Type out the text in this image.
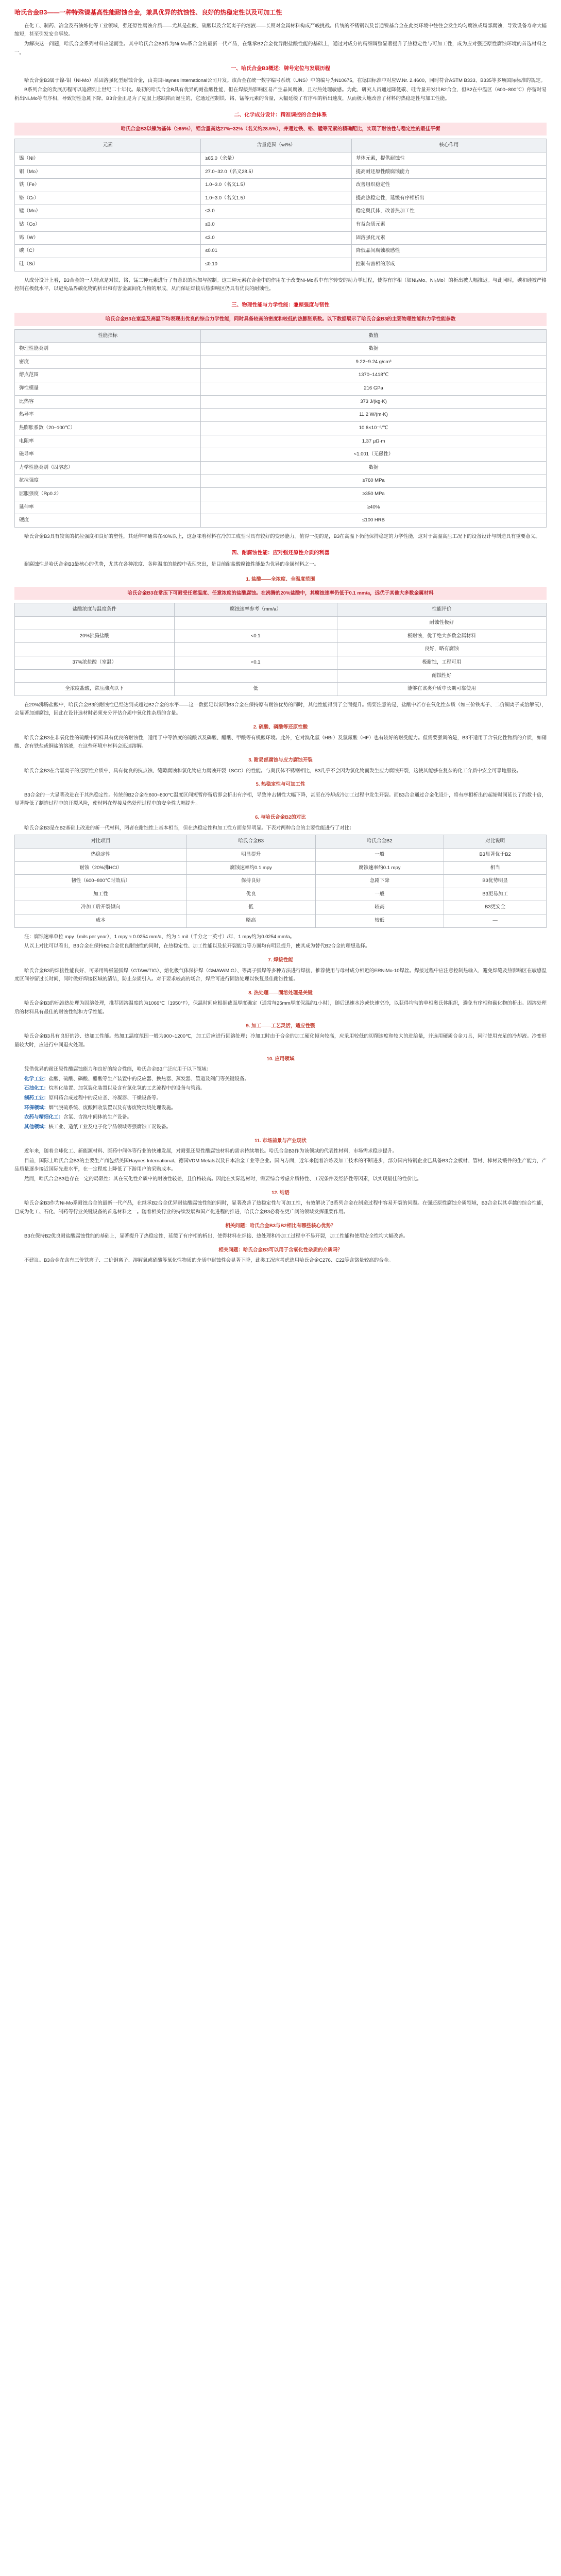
哈氏合金B3——一种特殊镍基高性能耐蚀合金，兼具优异的抗蚀性、良好的热稳定性以及可加工性

在化工、制药、冶金及石油炼化等工业领域，强还原性腐蚀介质——尤其是盐酸、硫酸以及含氯离子的溶液——长期对金属材料构成严峻挑战。传统的不锈钢以及普通镍基合金在此类环境中往往会发生均匀腐蚀或局部腐蚀，导致设备寿命大幅缩短，甚至引发安全事故。

为解决这一问题，哈氏合金系列材料应运而生。其中哈氏合金B3作为Ni-Mo系合金的最新一代产品，在继承B2合金优异耐盐酸性能的基础上，通过对成分的精细调整显著提升了热稳定性与可加工性，成为应对强还原性腐蚀环境的首选材料之一。

一、哈氏合金B3概述：牌号定位与发展历程

哈氏合金B3属于镍-钼（Ni-Mo）系固溶强化型耐蚀合金，由美国Haynes International公司开发。该合金在统一数字编号系统（UNS）中的编号为N10675，在德国标准中对应W.Nr. 2.4600，同时符合ASTM B333、B335等多项国际标准的规定。

B系列合金的发展历程可以追溯到上世纪二十年代。最初的哈氏合金B具有优异的耐盐酸性能，但在焊接热影响区易产生晶间腐蚀，且对热处理敏感。为此，研究人员通过降低碳、硅含量开发出B2合金，但B2在中温区（600~800℃）停留时易析出Ni₄Mo等有序相，导致韧性急剧下降。B3合金正是为了克服上述缺陷而诞生的，它通过控制铁、铬、锰等元素的含量，大幅延缓了有序相的析出速度，从而极大地改善了材料的热稳定性与加工性能。

二、化学成分设计：精准调控的合金体系
哈氏合金B3以镍为基体（≥65%），钼含量高达27%~32%（名义约28.5%），并通过铁、铬、锰等元素的精确配比，实现了耐蚀性与稳定性的最佳平衡
元素	含量范围（wt%）	核心作用
镍（Ni）	≥65.0（余量）	基体元素，提供耐蚀性
钼（Mo）	27.0~32.0（名义28.5）	提高耐还原性酸腐蚀能力
铁（Fe）	1.0~3.0（名义1.5）	改善组织稳定性
铬（Cr）	1.0~3.0（名义1.5）	提高热稳定性，延缓有序相析出
锰（Mn）	≤3.0	稳定奥氏体，改善热加工性
钴（Co）	≤3.0	有益杂质元素
钨（W）	≤3.0	固溶强化元素
碳（C）	≤0.01	降低晶间腐蚀敏感性
硅（Si）	≤0.10	控制有害相的形成

从成分设计上看，B3合金的一大特点是对铁、铬、锰三种元素进行了有意识的添加与控制。这三种元素在合金中的作用在于改变Ni-Mo系中有序转变的动力学过程，使得有序相（如Ni₄Mo、Ni₃Mo）的析出被大幅推迟。与此同时，碳和硅被严格控制在极低水平，以避免晶界碳化物的析出和有害金属间化合物的形成，从而保证焊接后热影响区仍具有优良的耐蚀性。

三、物理性能与力学性能：兼顾强度与韧性
哈氏合金B3在室温及高温下均表现出优良的综合力学性能，同时具备较高的密度和较低的热膨胀系数。以下数据展示了哈氏合金B3的主要物理性能和力学性能参数
性能指标	数值
物理性能类别	数据
密度	9.22~9.24 g/cm³
熔点范围	1370~1418℃
弹性模量	216 GPa
比热容	373 J/(kg·K)
热导率	11.2 W/(m·K)
热膨胀系数（20~100℃）	10.6×10⁻⁶/℃
电阻率	1.37 μΩ·m
磁导率	<1.001（无磁性）
力学性能类别（固溶态）	数据
抗拉强度	≥760 MPa
屈服强度（Rp0.2）	≥350 MPa
延伸率	≥40%
硬度	≤100 HRB

哈氏合金B3具有较高的抗拉强度和良好的塑性，其延伸率通常在40%以上，这意味着材料在冷加工成型时具有较好的变形能力。值得一提的是，B3在高温下仍能保持稳定的力学性能，这对于高温高压工况下的设备设计与制造具有重要意义。

四、耐腐蚀性能：应对强还原性介质的利器

耐腐蚀性是哈氏合金B3最核心的优势，尤其在各种浓度、各种温度的盐酸中表现突出，是目前耐盐酸腐蚀性能最为优异的金属材料之一。

1. 盐酸——全浓度、全温度范围
哈氏合金B3在常压下可耐受任意温度、任意浓度的盐酸腐蚀。在沸腾的20%盐酸中，其腐蚀速率仍低于0.1 mm/a，远优于其他大多数金属材料
盐酸浓度与温度条件	腐蚀速率参考（mm/a）	性能评价
		耐蚀性极好
20%沸腾盐酸	<0.1	极耐蚀，优于绝大多数金属材料
		良好，略有腐蚀
37%浓盐酸（室温）	<0.1	极耐蚀，工程可用
		耐蚀性好
全浓度盐酸，常压沸点以下	低	能够在该类介质中长期可靠使用

在20%沸腾盐酸中，哈氏合金B3的耐蚀性已经达到或超过B2合金的水平——这一数据足以说明B3合金在保持原有耐蚀优势的同时，其他性能得到了全面提升。需要注意的是，盐酸中若存在氧化性杂质（如三价铁离子、二价铜离子或溶解氧），会显著加速腐蚀，因此在设计选材时必须充分评估介质中氧化性杂质的含量。

2. 硫酸、磷酸等还原性酸

哈氏合金B3在非氧化性的硫酸中同样具有优良的耐蚀性，适用于中等浓度的硫酸以及磷酸、醋酸、甲酸等有机酸环境。此外，它对溴化氢（HBr）及氢氟酸（HF）也有较好的耐受能力。但需要强调的是，B3不适用于含氧化性物质的介质，如硝酸、含有铁盐或铜盐的溶液，在这些环境中材料会迅速溶解。

3. 耐局部腐蚀与应力腐蚀开裂

哈氏合金B3在含氯离子的还原性介质中，具有优良的抗点蚀、缝隙腐蚀和氯化物应力腐蚀开裂（SCC）的性能。与奥氏体不锈钢相比，B3几乎不会因为氯化物而发生应力腐蚀开裂，这使其能够在复杂的化工介质中安全可靠地服役。

5. 热稳定性与可加工性

B3合金的一大显著改进在于其热稳定性。传统的B2合金在600~800℃温度区间短暂停留后即会析出有序相，导致冲击韧性大幅下降，甚至在冷却或冷加工过程中发生开裂。而B3合金通过合金化设计，将有序相析出的起始时间延长了约数十倍，显著降低了制造过程中的开裂风险，使材料在焊接及热处理过程中的安全性大幅提升。

6. 与哈氏合金B2的对比

哈氏合金B3是在B2基础上改进的新一代材料，两者在耐蚀性上基本相当，但在热稳定性和加工性方面差异明显。下表对两种合金的主要性能进行了对比：

对比项目	哈氏合金B3	哈氏合金B2	对比说明
热稳定性	明显提升	一般	B3显著优于B2
耐蚀（20%沸HCl）	腐蚀速率约0.1 mpy	腐蚀速率约0.1 mpy	相当
韧性（600~800℃时效后）	保持良好	急剧下降	B3优势明显
加工性	优良	一般	B3更易加工
冷加工后开裂倾向	低	较高	B3更安全
成本	略高	较低	—

注：腐蚀速率单位 mpy（mils per year），1 mpy ≈ 0.0254 mm/a，约为 1 mil（千分之一英寸）/年，1 mpy约为0.0254 mm/a。

从以上对比可以看出，B3合金在保持B2合金优良耐蚀性的同时，在热稳定性、加工性能以及抗开裂能力等方面均有明显提升，使其成为替代B2合金的理想选择。

7. 焊接性能

哈氏合金B3的焊接性能良好，可采用钨极氩弧焊（GTAW/TIG）、熔化极气体保护焊（GMAW/MIG）、等离子弧焊等多种方法进行焊接，推荐使用与母材成分相近的ERNiMo-10焊丝。焊接过程中应注意控制热输入，避免焊缝及热影响区在敏感温度区间停留过长时间，同时做好焊接区域的清洁，防止杂质引入。对于要求较高的场合，焊后可进行固溶处理以恢复最佳耐蚀性能。

8. 热处理——固溶处理是关键

哈氏合金B3的标准热处理为固溶处理，推荐固溶温度约为1066℃（1950°F），保温时间应根据截面厚度确定（通常每25mm厚度保温约1小时），随后迅速水冷或快速空冷，以获得均匀的单相奥氏体组织，避免有序相和碳化物的析出。固溶处理后的材料具有最佳的耐蚀性能和力学性能。

9. 加工——工艺灵活，适应性强

哈氏合金B3具有良好的冷、热加工性能。热加工温度范围一般为900~1200℃，加工后应进行固溶处理；冷加工时由于合金的加工硬化倾向较高，应采用较低的切削速度和较大的进给量，并选用硬质合金刀具，同时使用充足的冷却液。冷变形量较大时，应进行中间退火处理。

10. 应用领域

凭借优异的耐还原性酸腐蚀能力和良好的综合性能，哈氏合金B3广泛应用于以下领域：

化学工业：盐酸、硫酸、磷酸、醋酸等生产装置中的反应器、换热器、蒸发器、管道及阀门等关键设备。

石油化工：烷基化装置、加氢裂化装置以及含有氯化氢的工艺流程中的设备与管路。

制药工业：原料药合成过程中的反应釜、冷凝器、干燥设备等。

环保领域：烟气脱硫系统、废酸回收装置以及有害废物焚烧处理设施。

农药与精细化工：含氯、含溴中间体的生产设备。

其他领域：核工业、造纸工业及电子化学品领域等强腐蚀工况设备。

11. 市场前景与产业现状

近年来，随着全球化工、新能源材料、医药中间体等行业的快速发展，对耐强还原性酸腐蚀材料的需求持续增长。哈氏合金B3作为该领域的代表性材料，市场需求稳步提升。

目前，国际上哈氏合金B3的主要生产商包括美国Haynes International、德国VDM Metals以及日本冶金工业等企业。国内方面，近年来随着冶炼及加工技术的不断进步，部分国内特钢企业已具备B3合金板材、管材、棒材及锻件的生产能力，产品质量逐步接近国际先进水平，在一定程度上降低了下游用户的采购成本。

然而，哈氏合金B3也存在一定的局限性：其在氧化性介质中的耐蚀性较差，且价格较高。因此在实际选材时，需要综合考虑介质特性、工况条件及经济性等因素，以实现最佳的性价比。

12. 结语

哈氏合金B3作为Ni-Mo系耐蚀合金的最新一代产品，在继承B2合金优异耐盐酸腐蚀性能的同时，显著改善了热稳定性与可加工性，有效解决了B系列合金在制造过程中容易开裂的问题。在强还原性腐蚀介质领域，B3合金以其卓越的综合性能，已成为化工、石化、制药等行业关键设备的首选材料之一。随着相关行业的持续发展和国产化进程的推进，哈氏合金B3必将在更广阔的领域发挥重要作用。

相关问题：哈氏合金B3与B2相比有哪些核心优势？

B3在保持B2优良耐盐酸腐蚀性能的基础上，显著提升了热稳定性，延缓了有序相的析出，使得材料在焊接、热处理和冷加工过程中不易开裂，加工性能和使用安全性均大幅改善。

相关问题：哈氏合金B3可以用于含氧化性杂质的介质吗？

不建议。B3合金在含有三价铁离子、二价铜离子、溶解氧或硝酸等氧化性物质的介质中耐蚀性会显著下降，此类工况应考虑选用哈氏合金C276、C22等含铬量较高的合金。
